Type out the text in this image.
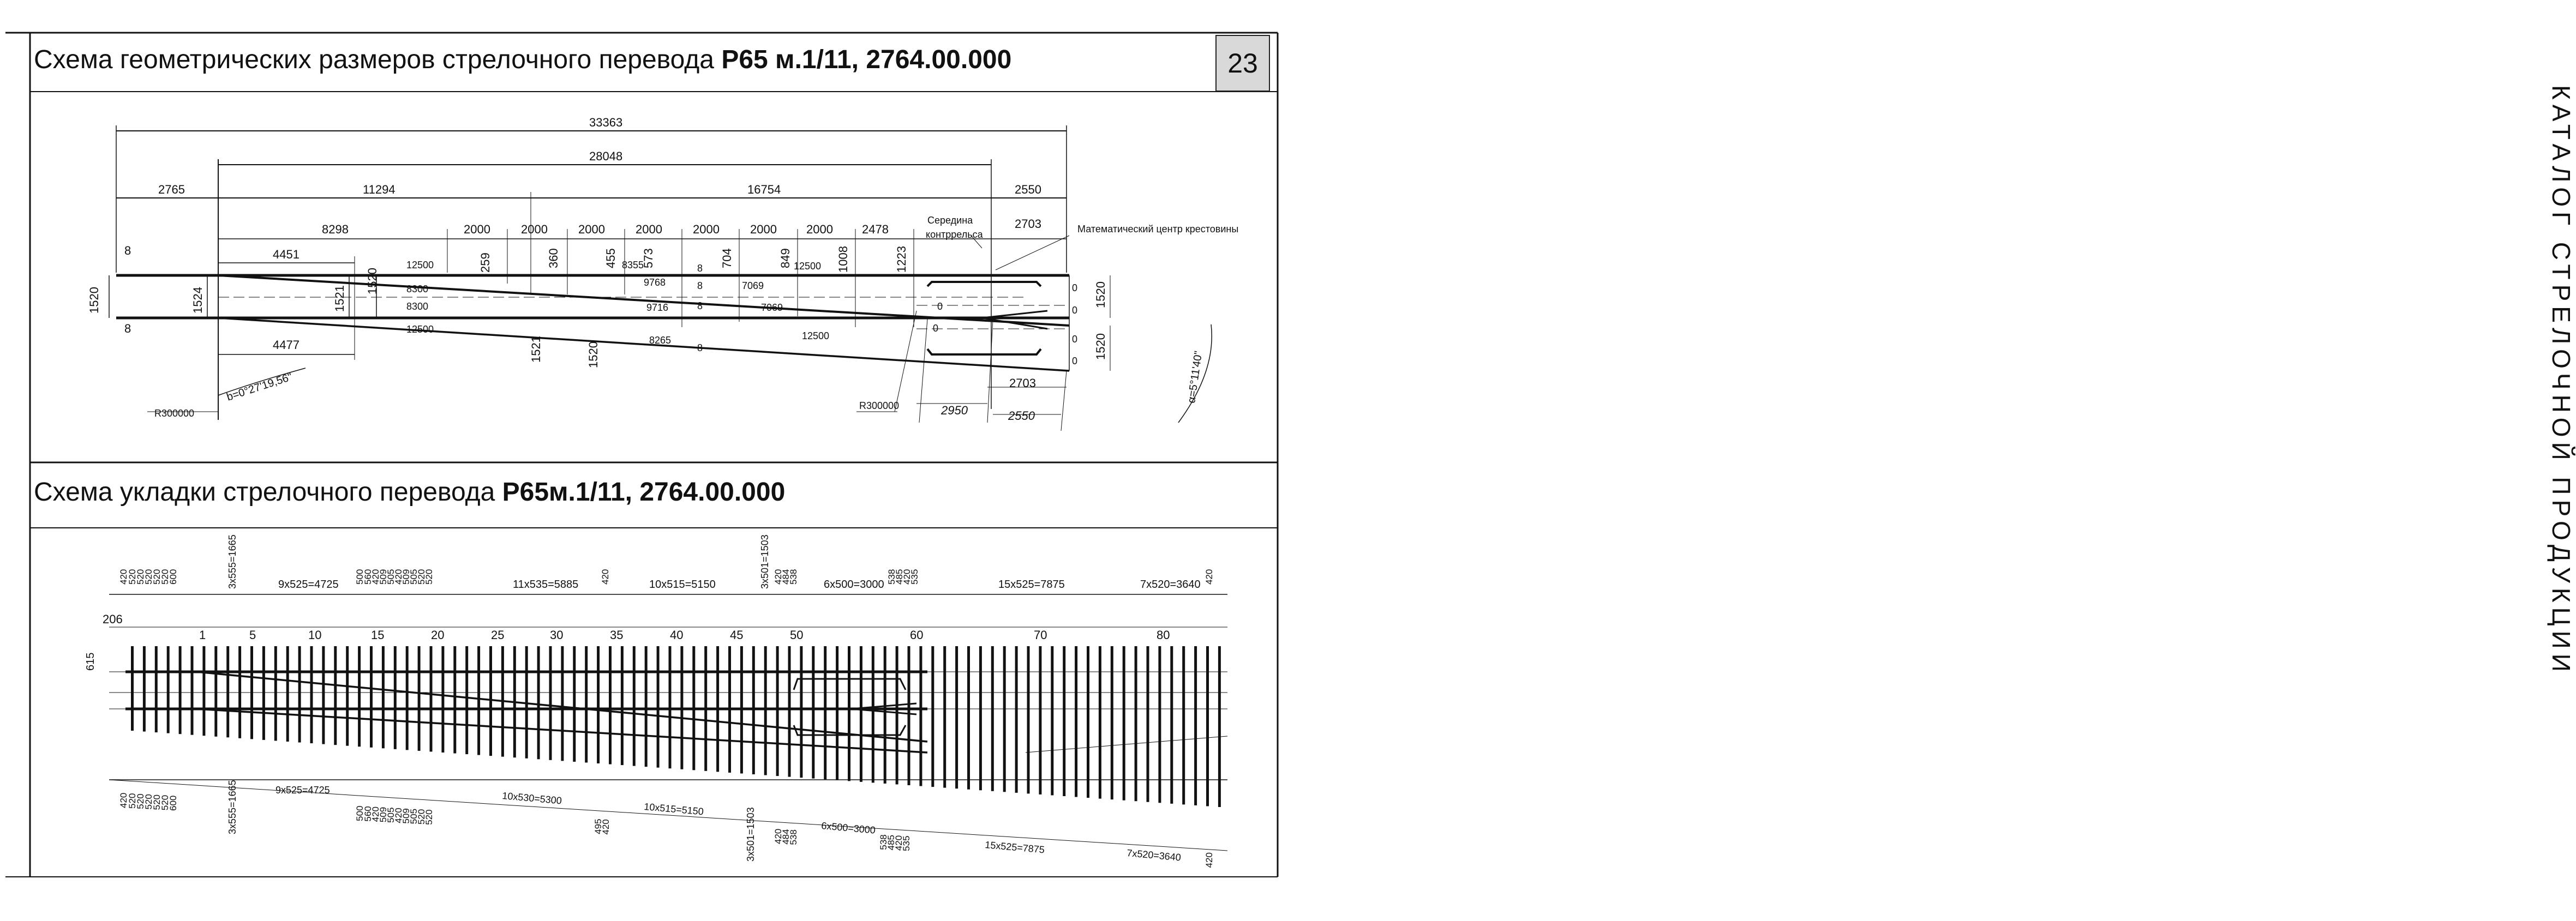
33363
28048
2765	11294	16754	2550
8298	2000	2000	2000	2000	2000	2000 2000 2478	2703
4451
4477
12500
8300
8300
12500
8355
9768
9716
8265
7069
7069
12500
12500
8
8
8
8
8
8
0
0
0
0
0
0
Середина
контррельса	Математический центр крестовины
R300000
R300000
b=0°27'19,56"	2703
2950	2550
1520	1524	1521
1520
1520
1520
259	360	455 573	704	849	1008	1223
1521	1520	α=5°11'40"
1	5	10	15	20	25	30	35	40	45	50	60	70	80
206
615
9x525=4725	11x535=5885	10x515=5150	6x500=3000	15x525=7875	7x520=3640
3x555=1665	3x501=1503
9x525=4725
10x530=5300
10x515=5150
6x500=3000
15x525=7875	7x520=3640
3x555=1665
3x501=1503
420
520
520
520
520
520
600	500
560
420
509
505
420
509
505
520
520	420	420
484
538	538
485
420
535	420
420
520
520
520
520
520
600
500
560
420
509
505
420
509
505
520
520
495
420
420
484
538	538
485
420
535
420
Схема геометрических размеров стрелочного перевода Р65 м.1/11, 2764.00.000
Схема укладки стрелочного перевода Р65м.1/11, 2764.00.000
23
КАТАЛОГ СТРЕЛОЧНОЙ ПРОДУКЦИИ
